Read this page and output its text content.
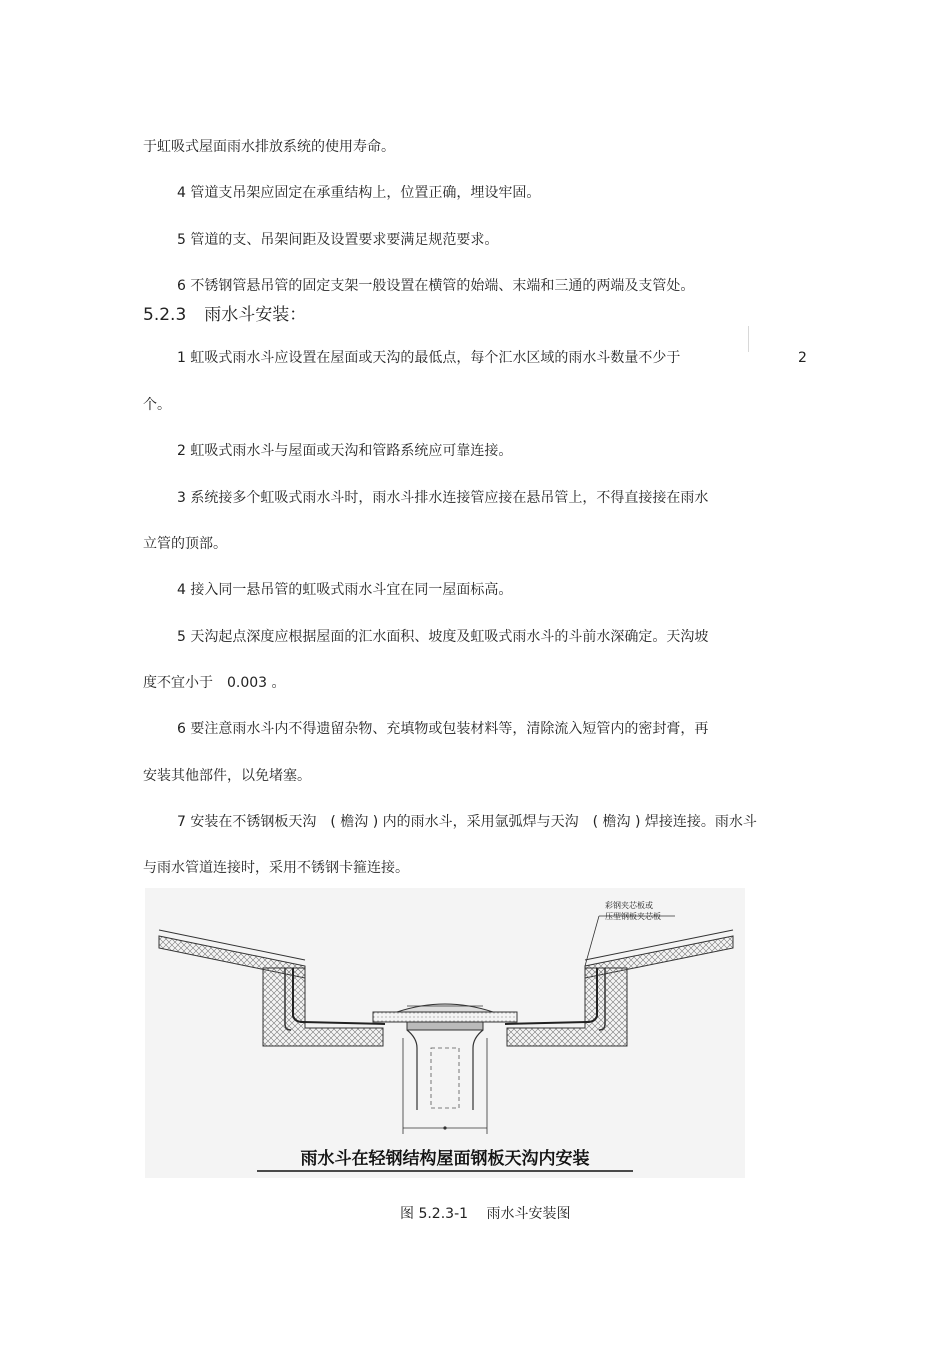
于虹吸式屋面雨水排放系统的使用寿命。
4 管道支吊架应固定在承重结构上，位置正确，埋设牢固。
5 管道的支、吊架间距及设置要求要满足规范要求。
6 不锈钢管悬吊管的固定支架一般设置在横管的始端、末端和三通的两端及支管处。
5.2.3 雨水斗安装：
1 虹吸式雨水斗应设置在屋面或天沟的最低点，每个汇水区域的雨水斗数量不少于	2
个。
2 虹吸式雨水斗与屋面或天沟和管路系统应可靠连接。
3 系统接多个虹吸式雨水斗时，雨水斗排水连接管应接在悬吊管上，不得直接接在雨水
立管的顶部。
4 接入同一悬吊管的虹吸式雨水斗宜在同一屋面标高。
5 天沟起点深度应根据屋面的汇水面积、坡度及虹吸式雨水斗的斗前水深确定。天沟坡
度不宜小于　0.003 。
6 要注意雨水斗内不得遗留杂物、充填物或包装材料等，清除流入短管内的密封膏，再
安装其他部件，以免堵塞。
7 安装在不锈钢板天沟　( 檐沟 ) 内的雨水斗，采用氩弧焊与天沟　( 檐沟 ) 焊接连接。雨水斗
与雨水管道连接时，采用不锈钢卡箍连接。
彩钢夹芯板或
压型钢板夹芯板
雨水斗在轻钢结构屋面钢板天沟内安装
图 5.2.3-1　 雨水斗安装图
